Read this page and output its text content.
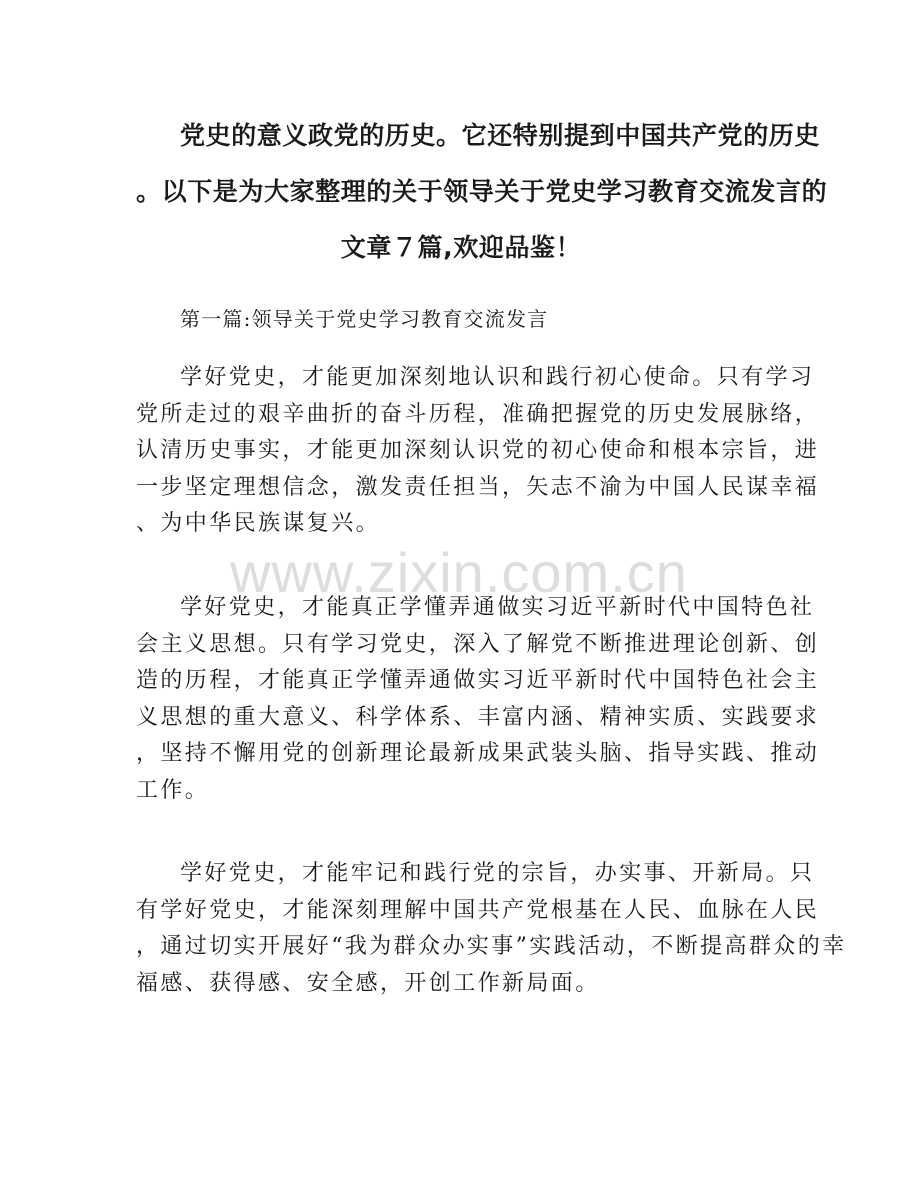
党史的意义政党的历史。它还特别提到中国共产党的历史
。以下是为大家整理的关于领导关于党史学习教育交流发言的
文章７篇,欢迎品鉴！
第一篇:领导关于党史学习教育交流发言
学好党史，才能更加深刻地认识和践行初心使命。只有学习
党所走过的艰辛曲折的奋斗历程，准确把握党的历史发展脉络，
认清历史事实，才能更加深刻认识党的初心使命和根本宗旨，进
一步坚定理想信念，激发责任担当，矢志不渝为中国人民谋幸福
、为中华民族谋复兴。
学好党史，才能真正学懂弄通做实习近平新时代中国特色社
会主义思想。只有学习党史，深入了解党不断推进理论创新、创
造的历程，才能真正学懂弄通做实习近平新时代中国特色社会主
义思想的重大意义、科学体系、丰富内涵、精神实质、实践要求
，坚持不懈用党的创新理论最新成果武装头脑、指导实践、推动
工作。
学好党史，才能牢记和践行党的宗旨，办实事、开新局。只
有学好党史，才能深刻理解中国共产党根基在人民、血脉在人民
，通过切实开展好“我为群众办实事”实践活动，不断提高群众的幸
福感、获得感、安全感，开创工作新局面。
www.zixin.com.cn
